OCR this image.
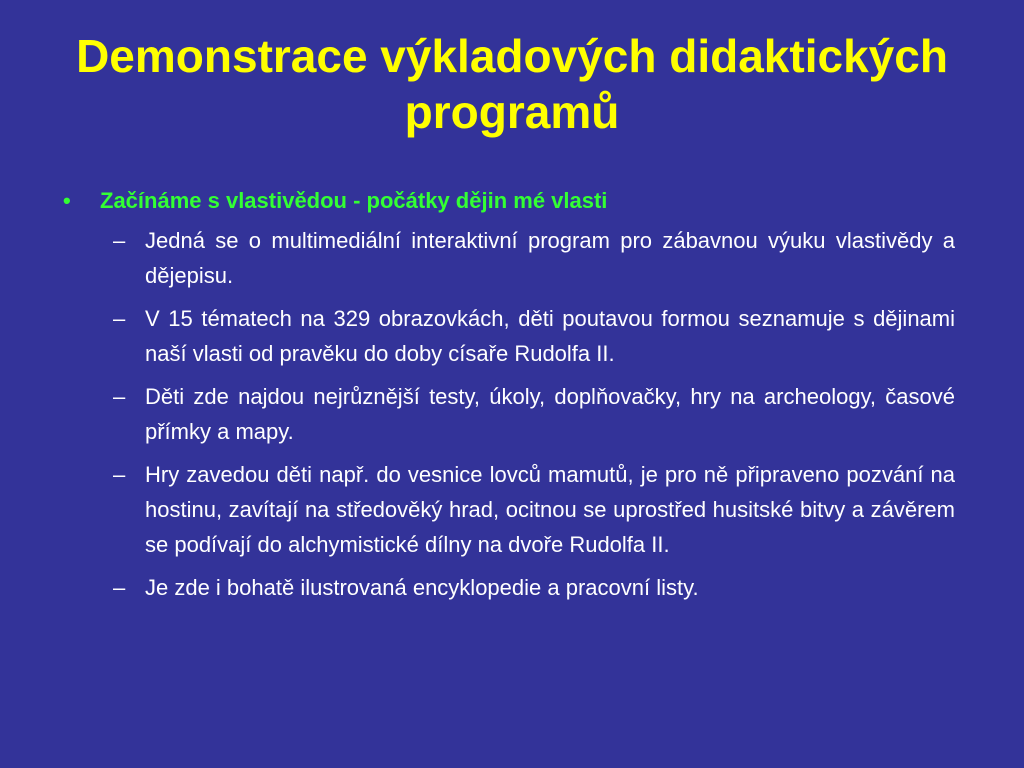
Demonstrace výkladových didaktických programů
• Začínáme s vlastivědou - počátky dějin mé vlasti
– Jedná se o multimediální interaktivní program pro zábavnou výuku vlastivědy a dějepisu.
– V 15 tématech na 329 obrazovkách, děti poutavou formou seznamuje s dějinami naší vlasti od pravěku do doby císaře Rudolfa II.
– Děti zde najdou nejrůznější testy, úkoly, doplňovačky, hry na archeology, časové přímky a mapy.
– Hry zavedou děti např. do vesnice lovců mamutů, je pro ně připraveno pozvání na hostinu, zavítají na středověký hrad, ocitnou se uprostřed husitské bitvy a závěrem se podívají do alchymistické dílny na dvoře Rudolfa II.
– Je zde i bohatě ilustrovaná encyklopedie a pracovní listy.
